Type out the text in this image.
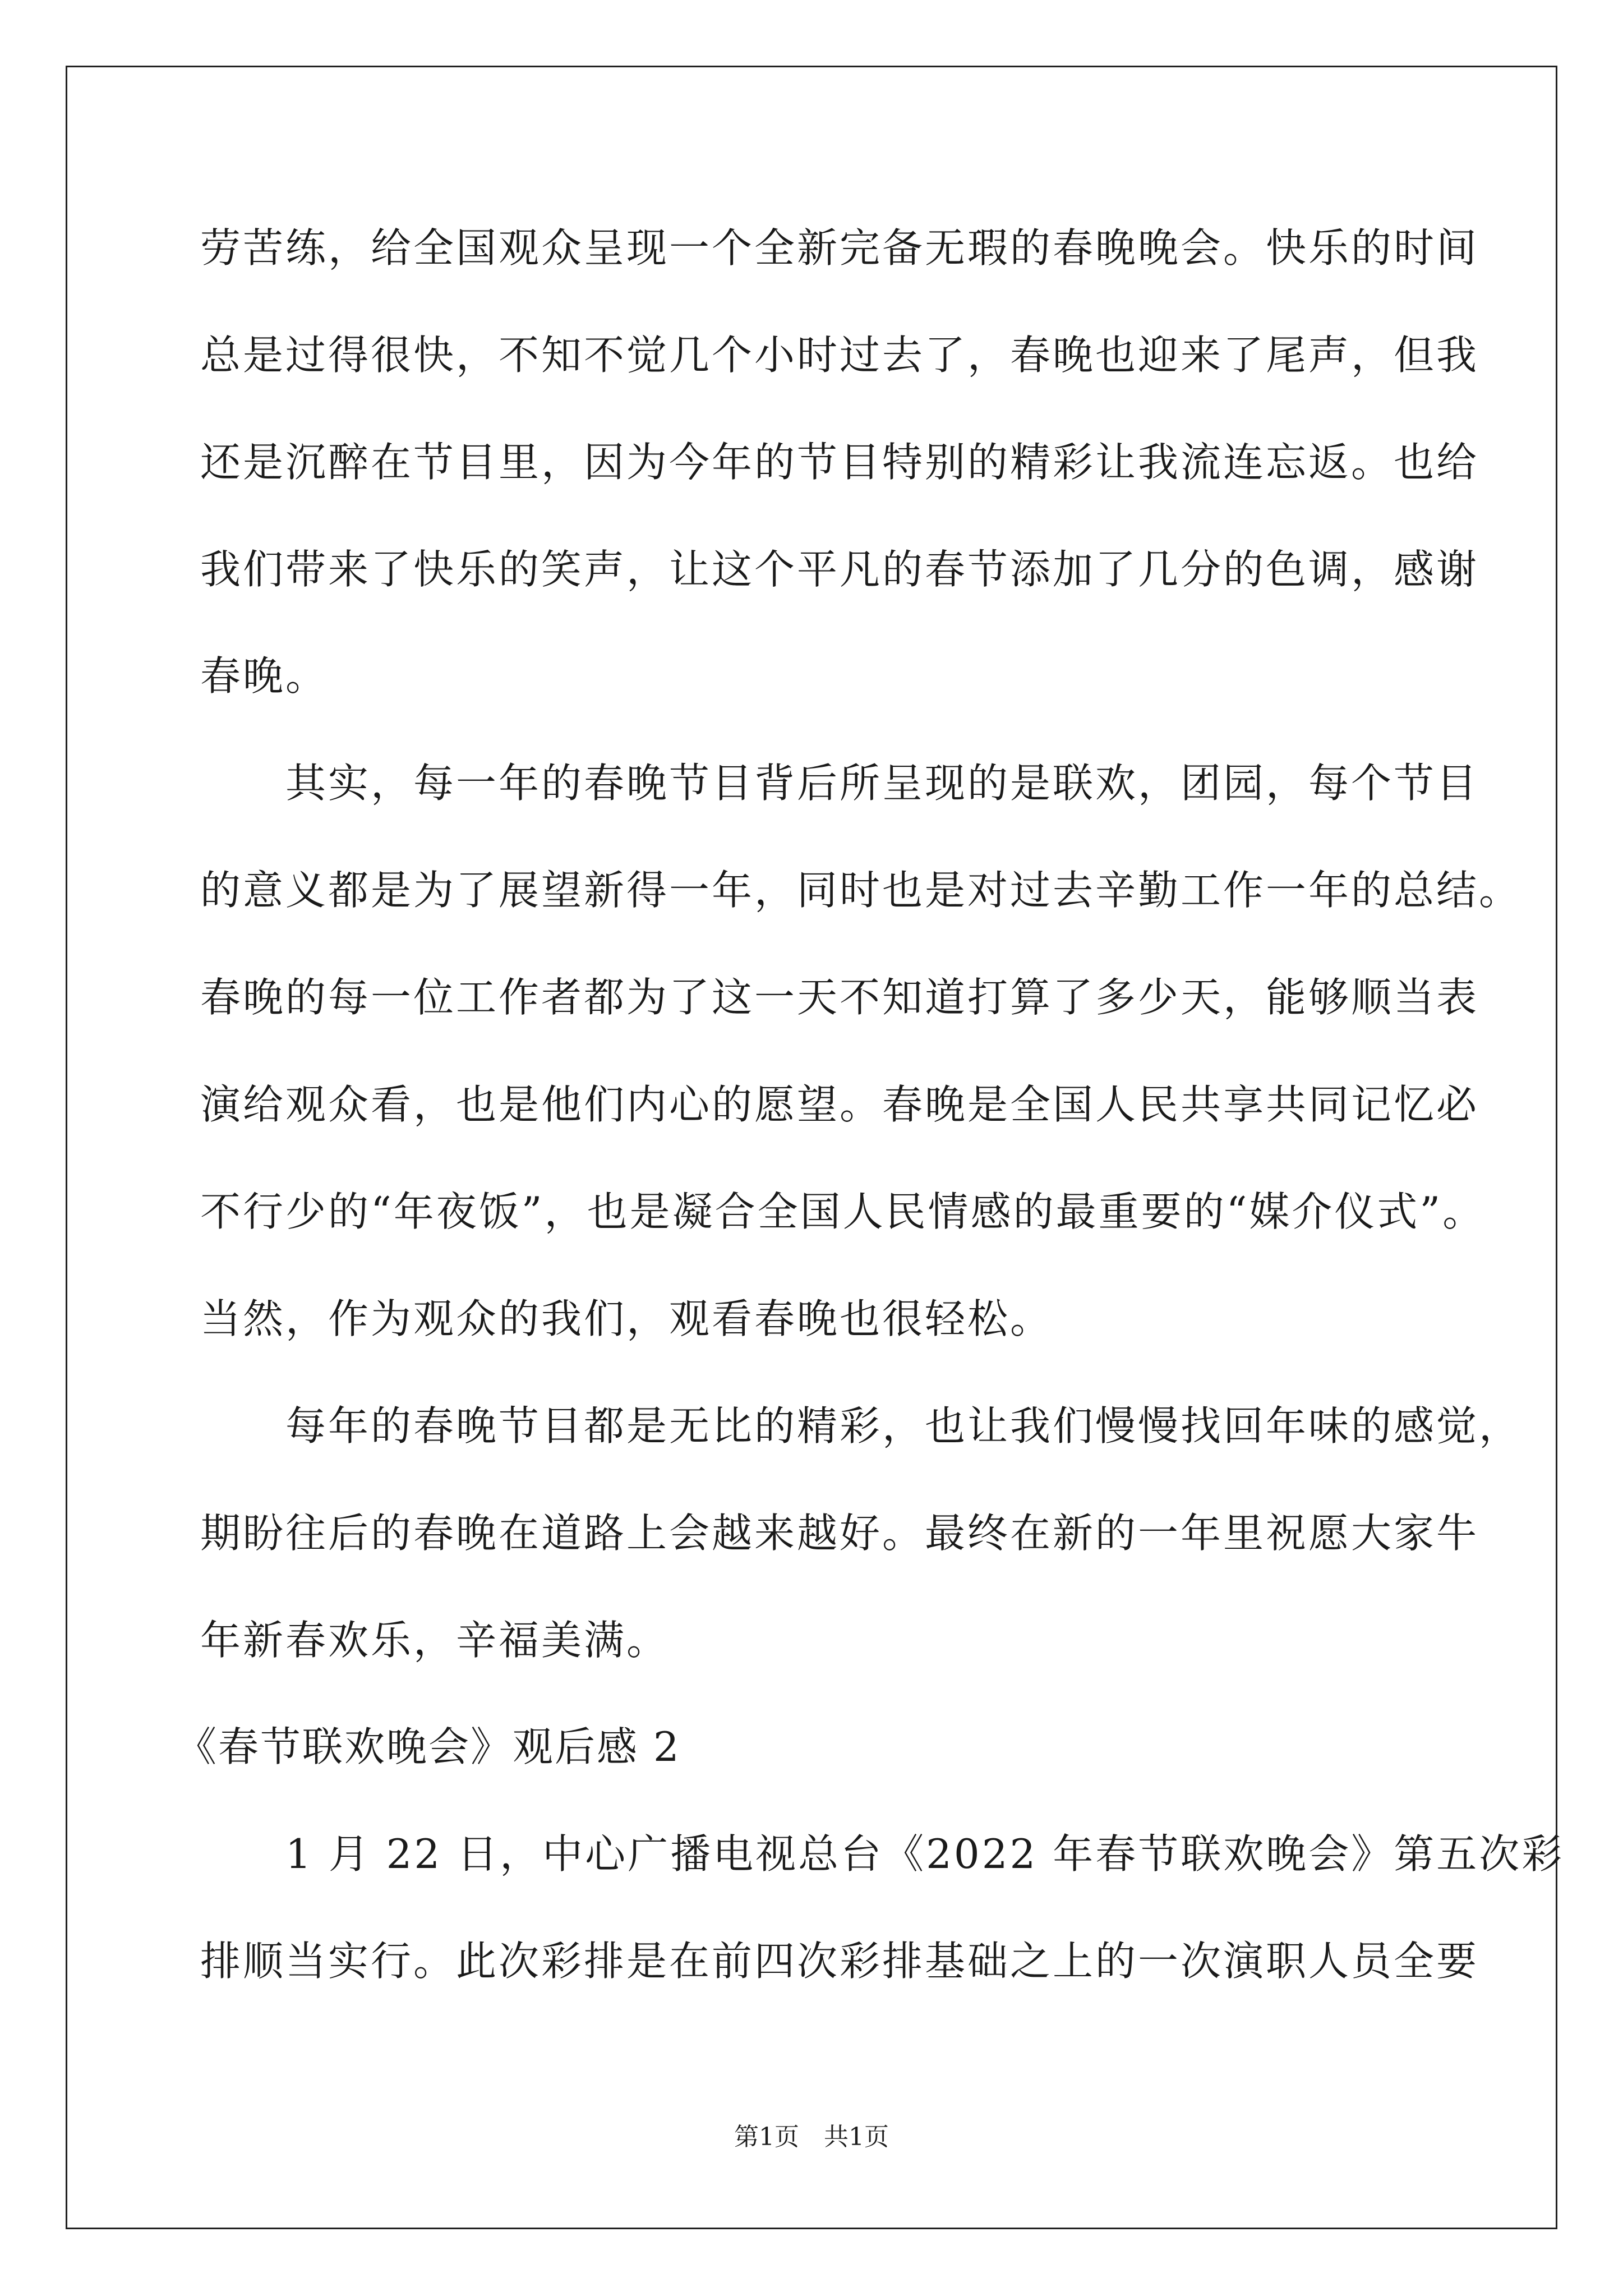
劳苦练，给全国观众呈现一个全新完备无瑕的春晚晚会。快乐的时间
总是过得很快，不知不觉几个小时过去了，春晚也迎来了尾声，但我
还是沉醉在节目里，因为今年的节目特别的精彩让我流连忘返。也给
我们带来了快乐的笑声，让这个平凡的春节添加了几分的色调，感谢
春晚。
　　其实，每一年的春晚节目背后所呈现的是联欢，团园，每个节目
的意义都是为了展望新得一年，同时也是对过去辛勤工作一年的总结。
春晚的每一位工作者都为了这一天不知道打算了多少天，能够顺当表
演给观众看，也是他们内心的愿望。春晚是全国人民共享共同记忆必
不行少的“年夜饭”，也是凝合全国人民情感的最重要的“媒介仪式”。
当然，作为观众的我们，观看春晚也很轻松。
　　每年的春晚节目都是无比的精彩，也让我们慢慢找回年味的感觉，
期盼往后的春晚在道路上会越来越好。最终在新的一年里祝愿大家牛
年新春欢乐，辛福美满。
《春节联欢晚会》观后感 2
　　1 月 22 日，中心广播电视总台《2022 年春节联欢晚会》第五次彩
排顺当实行。此次彩排是在前四次彩排基础之上的一次演职人员全要
第1页　共1页
